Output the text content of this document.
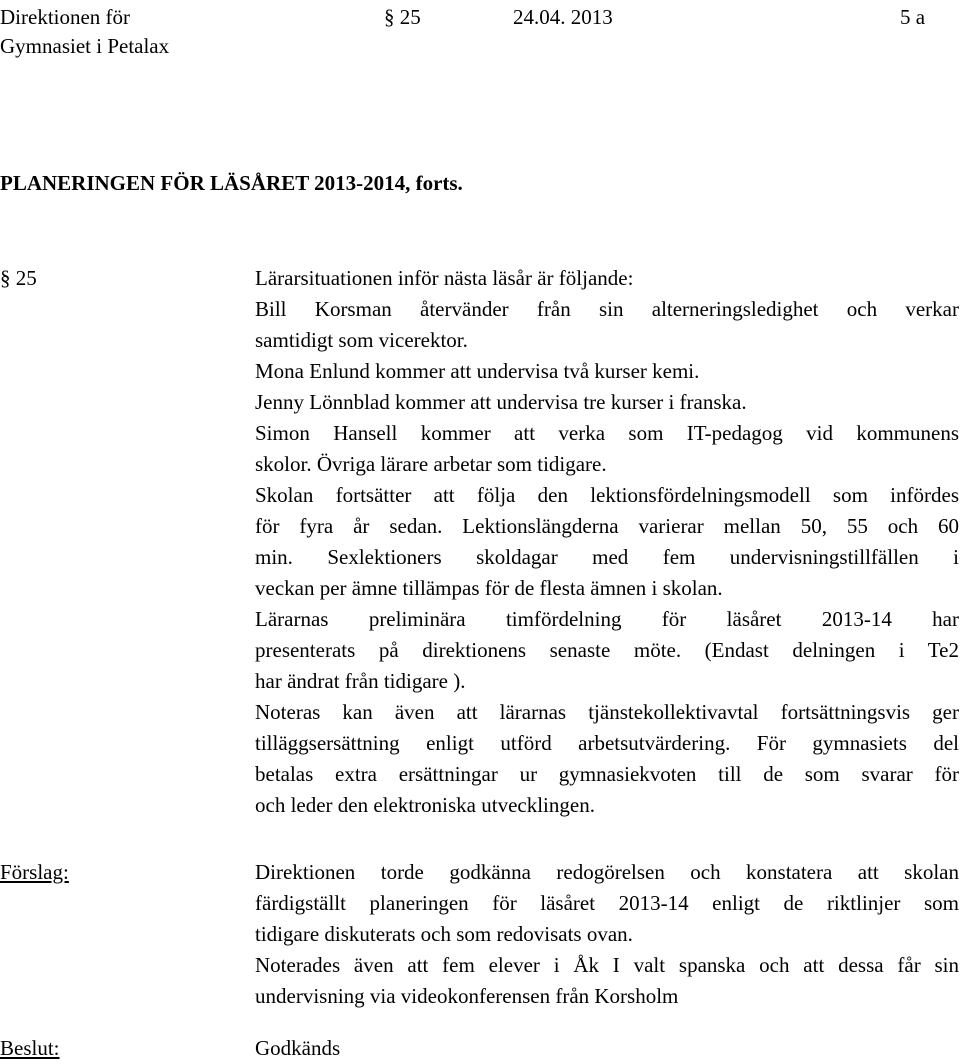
Direktionen för
Gymnasiet i Petalax
§ 25	24.04. 2013	5 a
PLANERINGEN FÖR LÄSÅRET 2013-2014, forts.
§ 25	Lärarsituationen inför nästa läsår är följande:
Bill Korsman återvänder från sin alterneringsledighet och verkar
samtidigt som vicerektor.
Mona Enlund kommer att undervisa två kurser kemi.
Jenny Lönnblad kommer att undervisa tre kurser i franska.
Simon Hansell kommer att verka som IT-pedagog vid kommunens
skolor. Övriga lärare arbetar som tidigare.
Skolan fortsätter att följa den lektionsfördelningsmodell som infördes
för fyra år sedan. Lektionslängderna varierar mellan 50, 55 och 60
min. Sexlektioners skoldagar med fem undervisningstillfällen i
veckan per ämne tillämpas för de flesta ämnen i skolan.
Lärarnas preliminära timfördelning för läsåret 2013-14 har
presenterats på direktionens senaste möte. (Endast delningen i Te2
har ändrat från tidigare ).
Noteras kan även att lärarnas tjänstekollektivavtal fortsättningsvis ger
tilläggsersättning enligt utförd arbetsutvärdering. För gymnasiets del
betalas extra ersättningar ur gymnasiekvoten till de som svarar för
och leder den elektroniska utvecklingen.
Förslag:	Direktionen torde godkänna redogörelsen och konstatera att skolan
färdigställt planeringen för läsåret 2013-14 enligt de riktlinjer som
tidigare diskuterats och som redovisats ovan.
Noterades även att fem elever i Åk I valt spanska och att dessa får sin
undervisning via videokonferensen från Korsholm
Beslut:	Godkänds
